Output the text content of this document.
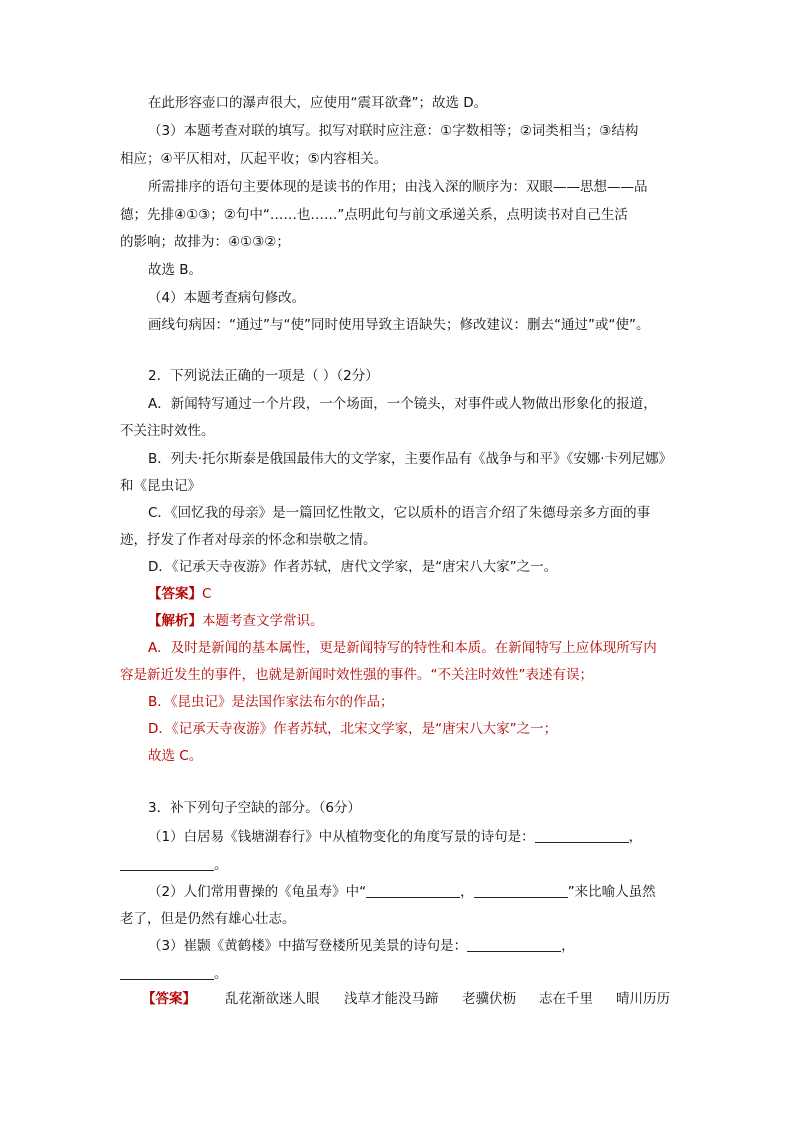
在此形容壶口的瀑声很大，应使用“震耳欲聋”；故选 D。
（3）本题考查对联的填写。拟写对联时应注意：①字数相等；②词类相当；③结构
相应；④平仄相对，仄起平收；⑤内容相关。
所需排序的语句主要体现的是读书的作用；由浅入深的顺序为：双眼——思想——品
德；先排④①③；②句中“……也……”点明此句与前文承递关系，点明读书对自己生活
的影响；故排为：④①③②；
故选 B。
（4）本题考查病句修改。
画线句病因：“通过”与“使”同时使用导致主语缺失；修改建议：删去“通过”或“使”。
2．下列说法正确的一项是（ ）（2分）
A．新闻特写通过一个片段，一个场面，一个镜头，对事件或人物做出形象化的报道，
不关注时效性。
B．列夫·托尔斯泰是俄国最伟大的文学家，主要作品有《战争与和平》《安娜·卡列尼娜》
和《昆虫记》
C．《回忆我的母亲》是一篇回忆性散文，它以质朴的语言介绍了朱德母亲多方面的事
迹，抒发了作者对母亲的怀念和崇敬之情。
D．《记承天寺夜游》作者苏轼，唐代文学家，是“唐宋八大家”之一。
【答案】C
【解析】本题考查文学常识。
A．及时是新闻的基本属性，更是新闻特写的特性和本质。在新闻特写上应体现所写内
容是新近发生的事件，也就是新闻时效性强的事件。“不关注时效性”表述有误；
B．《昆虫记》是法国作家法布尔的作品；
D．《记承天寺夜游》作者苏轼，北宋文学家，是“唐宋八大家”之一；
故选 C。
3．补下列句子空缺的部分。（6分）
（1）白居易《钱塘湖春行》中从植物变化的角度写景的诗句是：	，
。
（2）人们常用曹操的《龟虽寿》中“	，	”来比喻人虽然
老了，但是仍然有雄心壮志。
（3）崔颢《黄鹤楼》中描写登楼所见美景的诗句是：	，
。
【答案】 乱花渐欲迷人眼 浅草才能没马蹄 老骥伏枥 志在千里 晴川历历
